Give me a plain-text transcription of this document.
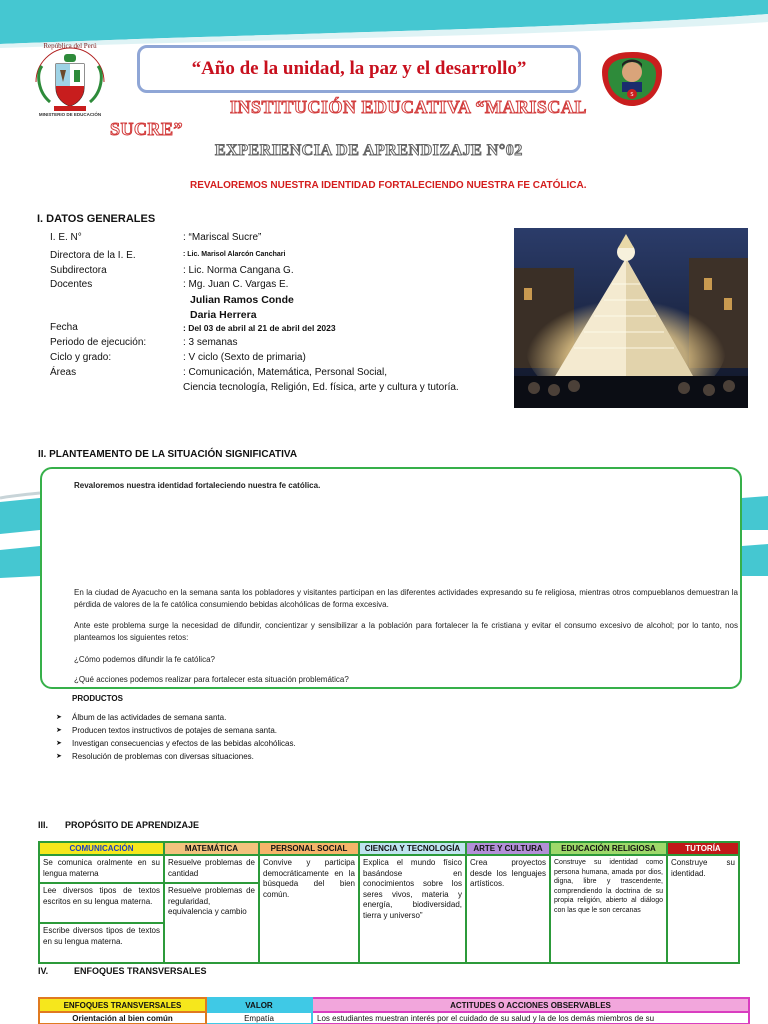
República del Perú
MINISTERIO DE EDUCACIÓN
S
“Año de la unidad, la paz y el desarrollo”
INSTITUCIÓN EDUCATIVA “MARISCAL
SUCRE”
EXPERIENCIA DE APRENDIZAJE N°02
REVALOREMOS NUESTRA IDENTIDAD FORTALECIENDO NUESTRA FE CATÓLICA.
I. DATOS GENERALES
I. E. N°	: “Mariscal Sucre”
Directora de la I. E.	: Lic. Marisol Alarcón Canchari
Subdirectora	: Lic. Norma Cangana G.
Docentes	: Mg. Juan C. Vargas E.
Julian Ramos Conde
Daria Herrera
Fecha	: Del 03 de abril al 21 de abril del 2023
Periodo de ejecución:	: 3 semanas
Ciclo y grado:	: V ciclo (Sexto de primaria)
Áreas	: Comunicación, Matemática, Personal Social,
Ciencia tecnología, Religión, Ed. física, arte y cultura y tutoría.
II. PLANTEAMENTO DE LA SITUACIÓN SIGNIFICATIVA

Revaloremos nuestra identidad fortaleciendo nuestra fe católica.

En la ciudad de Ayacucho en la semana santa los pobladores y visitantes participan en las diferentes actividades expresando su fe religiosa, mientras otros compueblanos demuestran la pérdida de valores de la fe católica consumiendo bebidas alcohólicas de forma excesiva.

Ante este problema surge la necesidad de difundir, concientizar y sensibilizar a la población para fortalecer la fe cristiana y evitar el consumo excesivo de alcohol; por lo tanto, nos planteamos los siguientes retos:

¿Cómo podemos difundir la fe católica?

¿Qué acciones podemos realizar para fortalecer esta situación problemática?

PRODUCTOS
➤ Álbum de las actividades de semana santa.
➤ Producen textos instructivos de potajes de semana santa.
➤ Investigan consecuencias y efectos de las bebidas alcohólicas.
➤ Resolución de problemas con diversas situaciones.
III. PROPÓSITO DE APRENDIZAJE
COMUNICACIÓN	MATEMÁTICA	PERSONAL SOCIAL	CIENCIA Y TECNOLOGÍA	ARTE Y CULTURA	EDUCACIÓN RELIGIOSA	TUTORÍA
Se comunica oralmente en su lengua materna	Resuelve problemas de cantidad	Convive y participa democráticamente en la búsqueda del bien común.	Explica el mundo físico basándose en conocimientos sobre los seres vivos, materia y energía, biodiversidad, tierra y universo”	Crea proyectos desde los lenguajes artísticos.	Construye su identidad como persona humana, amada por dios, digna, libre y trascendente, comprendiendo la doctrina de su propia religión, abierto al diálogo con las que le son cercanas	Construye su identidad.
Lee diversos tipos de textos escritos en su lengua materna.	Resuelve problemas de regularidad, equivalencia y cambio					
Escribe diversos tipos de textos en su lengua materna.						
IV.	ENFOQUES TRANSVERSALES
ENFOQUES TRANSVERSALES	VALOR	ACTITUDES O ACCIONES OBSERVABLES
Orientación al bien común	Empatía	Los estudiantes muestran interés por el cuidado de su salud y la de los demás miembros de su
